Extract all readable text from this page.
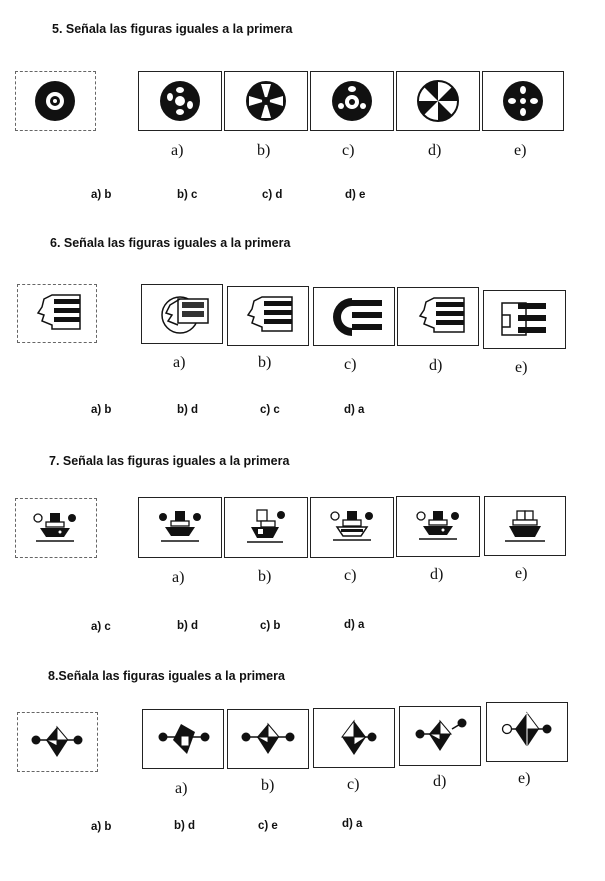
5. Señala las figuras iguales a la primera
a)	b)	c)	d)	e)
a) b	b) c	c) d	d) e
6. Señala las figuras iguales a la primera
a)	b)	c)	d)	e)
a) b	b) d	c) c	d) a
7. Señala las figuras iguales a la primera
a)	b)	c)	d)	e)
a) c	b) d	c) b	d) a
8.Señala las figuras iguales a la primera
a)	b)	c)	d)	e)
a) b	b) d	c) e	d) a
